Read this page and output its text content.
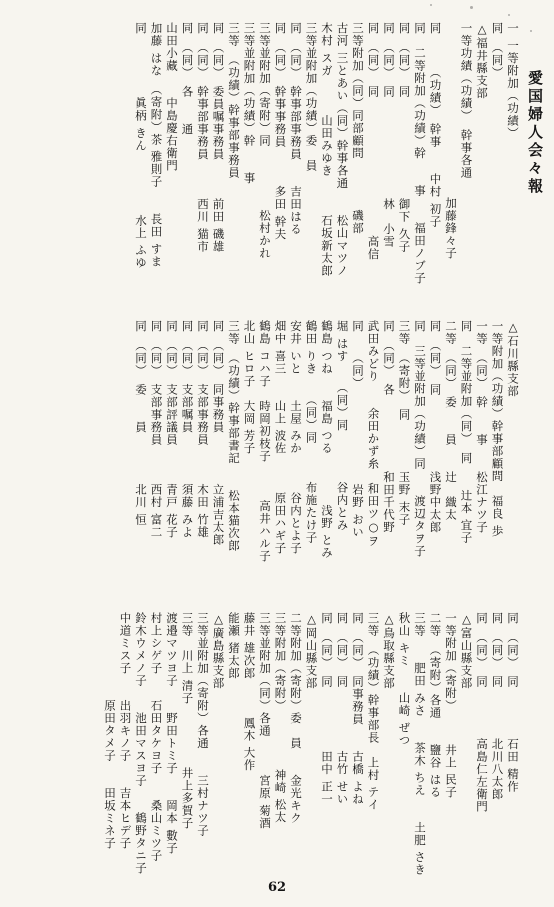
愛国婦人会々報
一 一等附加（功績）
同　（同）
△福井縣支部
一等功績（功績）　幹事各通
　　　　　　　　　　　　　　加藤鋒々子
同　　　（功績）　幹事　　中村 初子
同　二等附加（功績）幹　　事　　福田ノブ子
同　（同）　同　　　　　　　　御下 久子
同　（同）　同　　　　　　　　林　小雪
同　（同）　同　　　　　　　　　　　高信
三等附加（同）同部顧問　　　　磯部
古河 三とあい（同）幹事各通　　松山マツノ
木村 スガ　　　山田みゆき　　　石坂新太郎
三等並附加（功績）委　員
同　（同）　幹事部事務員　　吉田はる
同　（同）　幹事事務員　　　多田 幹夫
三等並附加（寄附）同　　　　　松村かれ
三等並附加（功績）幹　　事
三等　（功績）幹事部事務員
同　（同）　委員嘱事務員　　　前田 磯雄
同　（同）　幹事部事務員　　　西川 猫市
同　（同）　各　　通
山田小藏　　中島慶右衛門
加藤 はな　（寄附）茶 雅則子　　長田 すま
同　　　　　眞柄 きん　　　　　水上 ふゆ
△石川縣支部
一等附加（功績）幹事部顧問　福良 歩
一等　（同）　幹　　事　　松江ナツ子
同　二等並附加（同）　同　　辻本 宜子
二等　（同）　委　　員　　辻　織太
同　（同）　同　　　　　　浅野中太郎
同　三等並附加（功績）同　　渡辺タヲ子
三等　（寄附）　同　　　　玉野 末子
同　（同）　各　　　　　　和田千代野
武田みどり　　余田かず糸　和田ツ○ヲ
同　　（同）　　　　　　　　岩野 おい
堀 はす　　（同）同　　　　谷内とみ
鶴島 つね　　福島 つる　　　　浅野 とみ
鶴田 りき　　（同）同　　　布施たけ子
安井 いと　　土屋 みか　　　谷内とよ子
畑中 喜三　　山上 波佐　　　原田ハギ子
鶴島 コハ子　時岡初枝子　　　高井ハル子
北山 ヒロ子　大岡 芳子
三等　（功績）幹事部書記　　松本猫次郎
同　（同）　同事務員　　　　立浦吉太郎
同　（同）　支部事務員　　　木田 竹雄
同　（同）　支部嘱員　　　　須藤 みよ
同　（同）　支部評議員　　　青戸 花子
同　（同）　支部事務員　　　西村 富二
同　（同）　委　　員　　　　北川 恒
同　（同）　同　　　　石田 精作
同　（同）　同　　　　北川八太郎
同　（同）　同　　　　高島仁左衛門
△富山縣支部
一等附加（寄附）　　　井上 民子
二等　（寄附）各通　　鹽谷 はる
三等　　肥田 みさ　　茶木 ちえ　　土肥 さき
秋山 キミ　　山崎 ぜつ
△鳥取縣支部
三等　（功績）幹事部長　上村 テイ
同　（同）　同事務員　　古橋 よね
同　（同）　同　　　　　古竹 せい
同　（同）　同　　　　　田中 正一
△岡山縣支部
二等附加（寄附）委　員　　金光キク
三等附加（寄附）　　　　　神崎 松太
三等並附加（同）各通　　　宮原 菊酒
藤井 雄次郎　　　鳳木 大作
能瀬 猪太郎
△廣島縣支部
三等並附加（寄附）各通　　三村ナツ子
三等　川上 清子　　　　　井上多賀子
渡邉マツヨ子　　野田トミ子　　岡本 數子
村上シゲ子　　石田タケヨ子　　桑山ミツ子
鈴木ウメノ子　　池田マスヨ子　　鶴野タニ子
中道ミス子　　出羽キノ子　　吉本ヒデ子
　　　　　　　原田タメ子　　田坂ミネ子
62
